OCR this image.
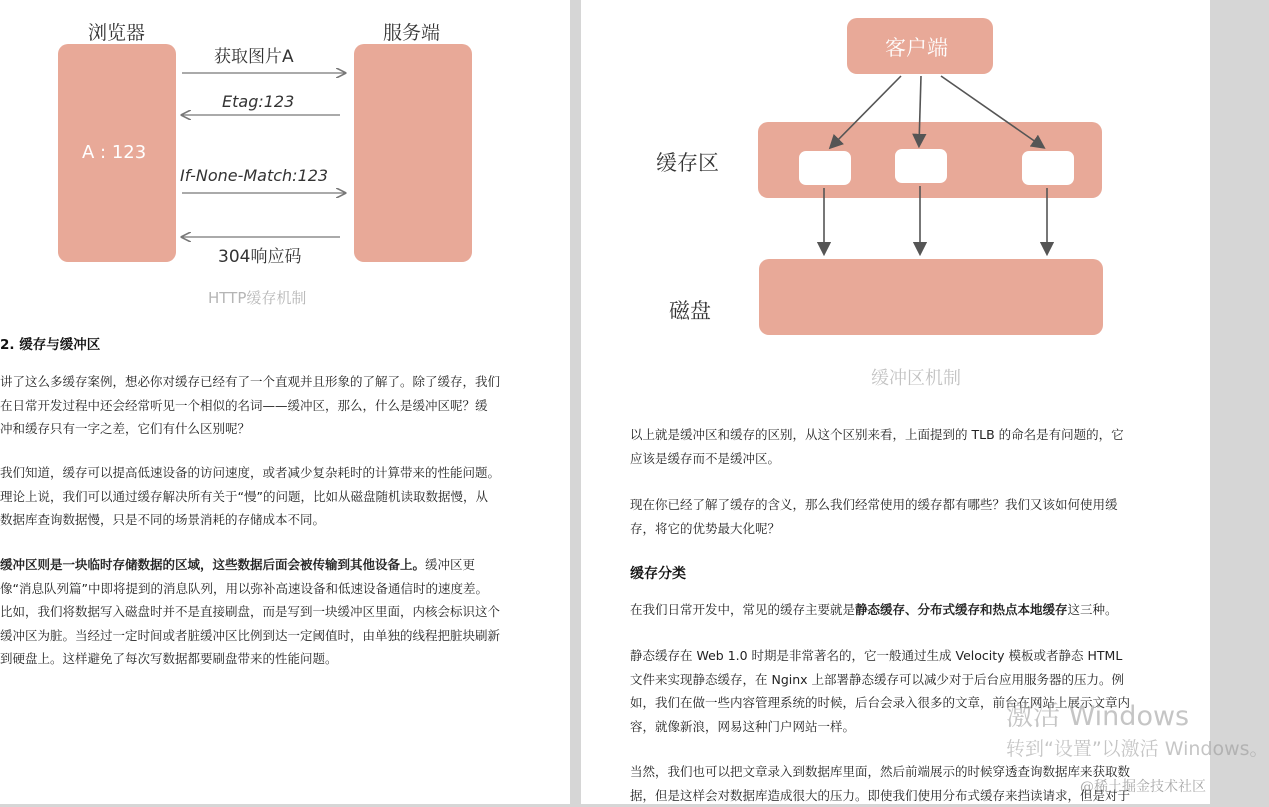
浏览器	服务端
A : 123
获取图片A
Etag:123
If-None-Match:123
304响应码
HTTP缓存机制
2. 缓存与缓冲区
讲了这么多缓存案例，想必你对缓存已经有了一个直观并且形象的了解了。除了缓存，我们
在日常开发过程中还会经常听见一个相似的名词——缓冲区，那么，什么是缓冲区呢？缓
冲和缓存只有一字之差，它们有什么区别呢？
我们知道，缓存可以提高低速设备的访问速度，或者减少复杂耗时的计算带来的性能问题。
理论上说，我们可以通过缓存解决所有关于“慢”的问题，比如从磁盘随机读取数据慢，从
数据库查询数据慢，只是不同的场景消耗的存储成本不同。
缓冲区则是一块临时存储数据的区域，这些数据后面会被传输到其他设备上。缓冲区更
像“消息队列篇”中即将提到的消息队列，用以弥补高速设备和低速设备通信时的速度差。
比如，我们将数据写入磁盘时并不是直接刷盘，而是写到一块缓冲区里面，内核会标识这个
缓冲区为脏。当经过一定时间或者脏缓冲区比例到达一定阈值时，由单独的线程把脏块刷新
到硬盘上。这样避免了每次写数据都要刷盘带来的性能问题。
客户端
缓存区
磁盘
缓冲区机制
以上就是缓冲区和缓存的区别，从这个区别来看，上面提到的 TLB 的命名是有问题的，它
应该是缓存而不是缓冲区。
现在你已经了解了缓存的含义，那么我们经常使用的缓存都有哪些？我们又该如何使用缓
存，将它的优势最大化呢？
缓存分类
在我们日常开发中，常见的缓存主要就是静态缓存、分布式缓存和热点本地缓存这三种。
静态缓存在 Web 1.0 时期是非常著名的，它一般通过生成 Velocity 模板或者静态 HTML
文件来实现静态缓存，在 Nginx 上部署静态缓存可以减少对于后台应用服务器的压力。例
如，我们在做一些内容管理系统的时候，后台会录入很多的文章，前台在网站上展示文章内
容，就像新浪，网易这种门户网站一样。
当然，我们也可以把文章录入到数据库里面，然后前端展示的时候穿透查询数据库来获取数
据，但是这样会对数据库造成很大的压力。即使我们使用分布式缓存来挡读请求，但是对于
激活 Windows
转到“设置”以激活 Windows。
@稀土掘金技术社区
